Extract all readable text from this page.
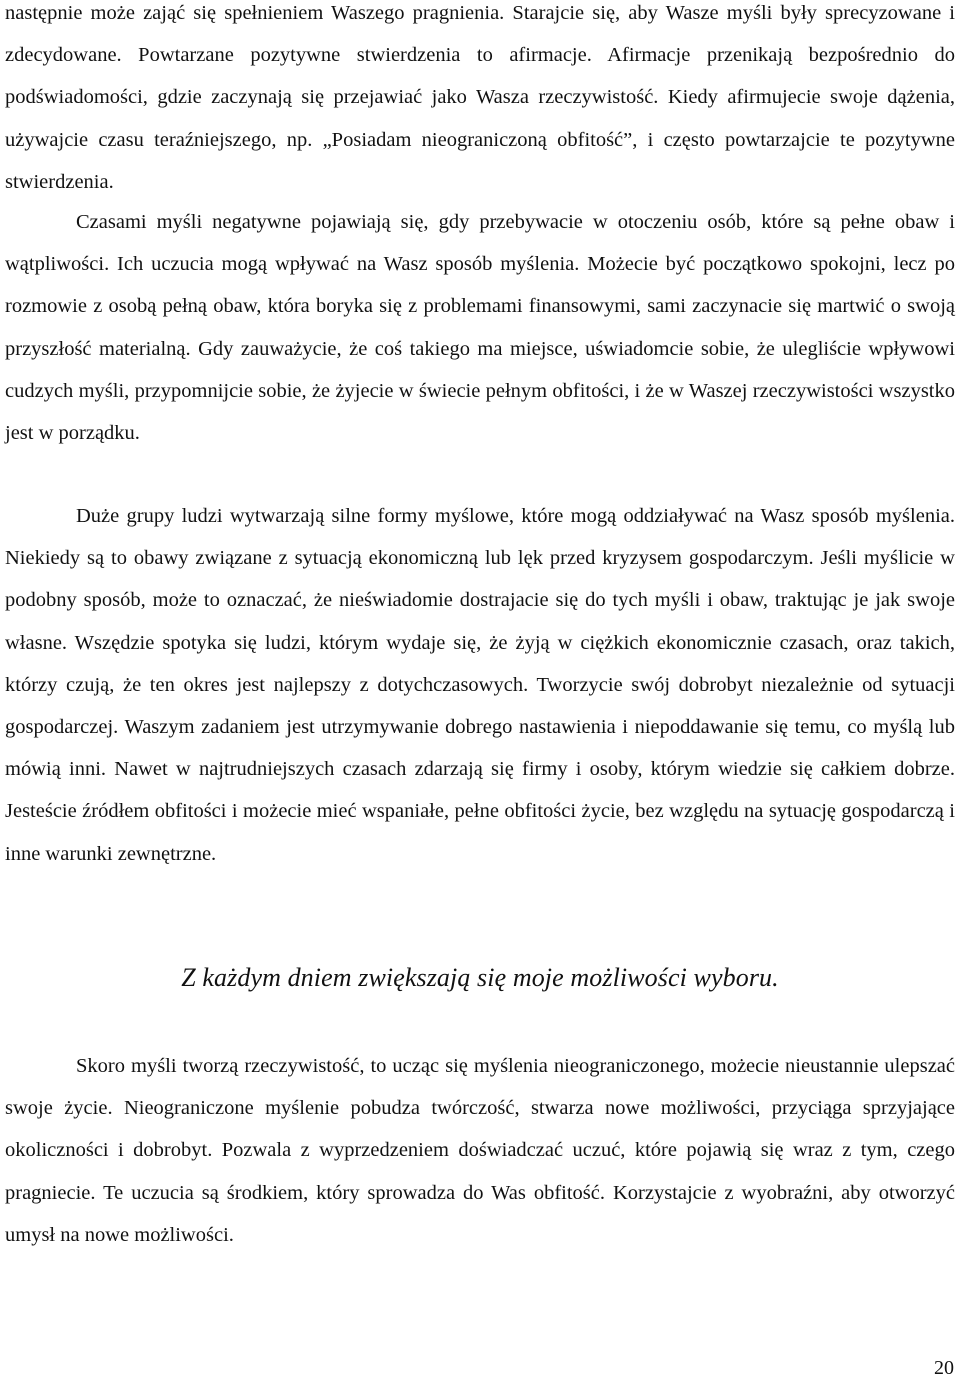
następnie może zająć się spełnieniem Waszego pragnienia. Starajcie się, aby Wasze myśli były sprecyzowane i zdecydowane. Powtarzane pozytywne stwierdzenia to afirmacje. Afirmacje przenikają bezpośrednio do podświadomości, gdzie zaczynają się przejawiać jako Wasza rzeczywistość. Kiedy afirmujecie swoje dążenia, używajcie czasu teraźniejszego, np. „Posiadam nieograniczoną obfitość”, i często powtarzajcie te pozytywne stwierdzenia.

Czasami myśli negatywne pojawiają się, gdy przebywacie w otoczeniu osób, które są pełne obaw i wątpliwości. Ich uczucia mogą wpływać na Wasz sposób myślenia. Możecie być początkowo spokojni, lecz po rozmowie z osobą pełną obaw, która boryka się z problemami finansowymi, sami zaczynacie się martwić o swoją przyszłość materialną. Gdy zauważycie, że coś takiego ma miejsce, uświadomcie sobie, że ulegliście wpływowi cudzych myśli, przypomnijcie sobie, że żyjecie w świecie pełnym obfitości, i że w Waszej rzeczywistości wszystko jest w porządku.

Duże grupy ludzi wytwarzają silne formy myślowe, które mogą oddziaływać na Wasz sposób myślenia. Niekiedy są to obawy związane z sytuacją ekonomiczną lub lęk przed kryzysem gospodarczym. Jeśli myślicie w podobny sposób, może to oznaczać, że nieświadomie dostrajacie się do tych myśli i obaw, traktując je jak swoje własne. Wszędzie spotyka się ludzi, którym wydaje się, że żyją w ciężkich ekonomicznie czasach, oraz takich, którzy czują, że ten okres jest najlepszy z dotychczasowych. Tworzycie swój dobrobyt niezależnie od sytuacji gospodarczej. Waszym zadaniem jest utrzymywanie dobrego nastawienia i niepoddawanie się temu, co myślą lub mówią inni. Nawet w najtrudniejszych czasach zdarzają się firmy i osoby, którym wiedzie się całkiem dobrze. Jesteście źródłem obfitości i możecie mieć wspaniałe, pełne obfitości życie, bez względu na sytuację gospodarczą i inne warunki zewnętrzne.

Z każdym dniem zwiększają się moje możliwości wyboru.

Skoro myśli tworzą rzeczywistość, to ucząc się myślenia nieograniczonego, możecie nieustannie ulepszać swoje życie. Nieograniczone myślenie pobudza twórczość, stwarza nowe możliwości, przyciąga sprzyjające okoliczności i dobrobyt. Pozwala z wyprzedzeniem doświadczać uczuć, które pojawią się wraz z tym, czego pragniecie. Te uczucia są środkiem, który sprowadza do Was obfitość. Korzystajcie z wyobraźni, aby otworzyć umysł na nowe możliwości.

20
